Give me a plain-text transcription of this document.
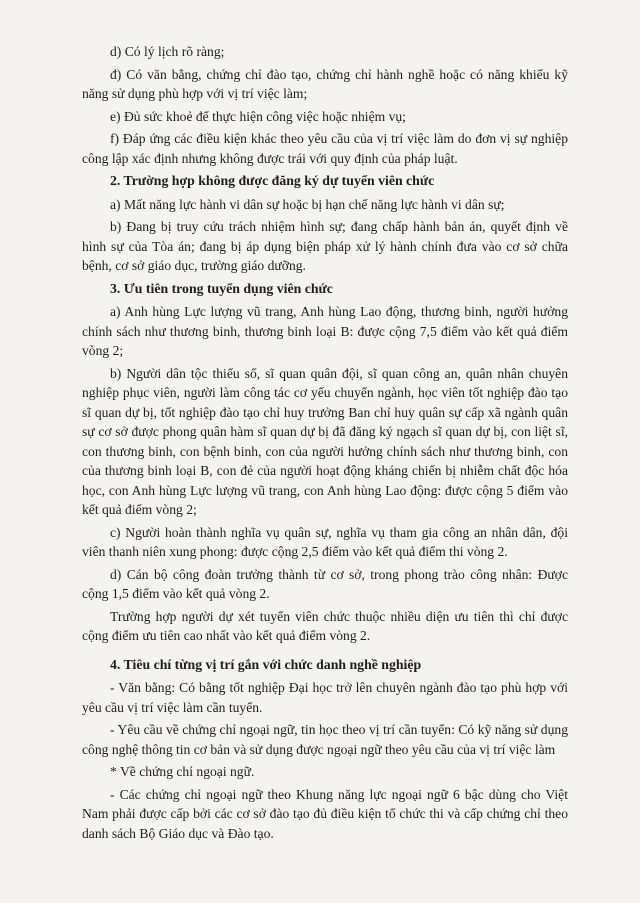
d) Có lý lịch rõ ràng;

đ) Có văn bằng, chứng chỉ đào tạo, chứng chỉ hành nghề hoặc có năng khiếu kỹ năng sử dụng phù hợp với vị trí việc làm;

e) Đủ sức khoẻ để thực hiện công việc hoặc nhiệm vụ;

f) Đáp ứng các điều kiện khác theo yêu cầu của vị trí việc làm do đơn vị sự nghiệp công lập xác định nhưng không được trái với quy định của pháp luật.

2. Trường hợp không được đăng ký dự tuyển viên chức

a) Mất năng lực hành vi dân sự hoặc bị hạn chế năng lực hành vi dân sự;

b) Đang bị truy cứu trách nhiệm hình sự; đang chấp hành bản án, quyết định về hình sự của Tòa án; đang bị áp dụng biện pháp xử lý hành chính đưa vào cơ sở chữa bệnh, cơ sở giáo dục, trường giáo dưỡng.

3. Ưu tiên trong tuyển dụng viên chức

a) Anh hùng Lực lượng vũ trang, Anh hùng Lao động, thương binh, người hưởng chính sách như thương binh, thương binh loại B: được cộng 7,5 điểm vào kết quả điểm vòng 2;

b) Người dân tộc thiểu số, sĩ quan quân đội, sĩ quan công an, quân nhân chuyên nghiệp phục viên, người làm công tác cơ yếu chuyển ngành, học viên tốt nghiệp đào tạo sĩ quan dự bị, tốt nghiệp đào tạo chỉ huy trưởng Ban chỉ huy quân sự cấp xã ngành quân sự cơ sở được phong quân hàm sĩ quan dự bị đã đăng ký ngạch sĩ quan dự bị, con liệt sĩ, con thương binh, con bệnh binh, con của người hưởng chính sách như thương binh, con của thương binh loại B, con đẻ của người hoạt động kháng chiến bị nhiễm chất độc hóa học, con Anh hùng Lực lượng vũ trang, con Anh hùng Lao động: được cộng 5 điểm vào kết quả điểm vòng 2;

c) Người hoàn thành nghĩa vụ quân sự, nghĩa vụ tham gia công an nhân dân, đội viên thanh niên xung phong: được cộng 2,5 điểm vào kết quả điểm thi vòng 2.

d) Cán bộ công đoàn trưởng thành từ cơ sở, trong phong trào công nhân: Được cộng 1,5 điểm vào kết quả vòng 2.

Trường hợp người dự xét tuyển viên chức thuộc nhiều diện ưu tiên thì chỉ được cộng điểm ưu tiên cao nhất vào kết quả điểm vòng 2.

4. Tiêu chí từng vị trí gắn với chức danh nghề nghiệp

- Văn bằng: Có bằng tốt nghiệp Đại học trở lên chuyên ngành đào tạo phù hợp với yêu cầu vị trí việc làm cần tuyển.

- Yêu cầu về chứng chỉ ngoại ngữ, tin học theo vị trí cần tuyển: Có kỹ năng sử dụng công nghệ thông tin cơ bản và sử dụng được ngoại ngữ theo yêu cầu của vị trí việc làm

* Về chứng chỉ ngoại ngữ.

- Các chứng chỉ ngoại ngữ theo Khung năng lực ngoại ngữ 6 bậc dùng cho Việt Nam phải được cấp bởi các cơ sở đào tạo đủ điều kiện tổ chức thi và cấp chứng chỉ theo danh sách Bộ Giáo dục và Đào tạo.
